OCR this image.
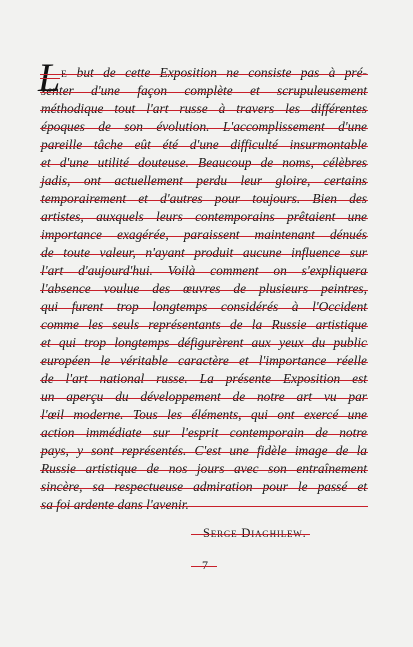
L E but de cette Exposition ne consiste pas à pré-
senter d'une façon complète et scrupuleusement
méthodique tout l'art russe à travers les différentes
époques de son évolution. L'accomplissement d'une
pareille tâche eût été d'une difficulté insurmontable
et d'une utilité douteuse. Beaucoup de noms, célèbres
jadis, ont actuellement perdu leur gloire, certains
temporairement et d'autres pour toujours. Bien des
artistes, auxquels leurs contemporains prêtaient une
importance exagérée, paraissent maintenant dénués
de toute valeur, n'ayant produit aucune influence sur
l'art d'aujourd'hui. Voilà comment on s'expliquera
l'absence voulue des œuvres de plusieurs peintres,
qui furent trop longtemps considérés à l'Occident
comme les seuls représentants de la Russie artistique
et qui trop longtemps défigurèrent aux yeux du public
européen le véritable caractère et l'importance réelle
de l'art national russe. La présente Exposition est
un aperçu du développement de notre art vu par
l'œil moderne. Tous les éléments, qui ont exercé une
action immédiate sur l'esprit contemporain de notre
pays, y sont représentés. C'est une fidèle image de la
Russie artistique de nos jours avec son entraînement
sincère, sa respectueuse admiration pour le passé et
sa foi ardente dans l'avenir.
Serge Diaghilew.
7
